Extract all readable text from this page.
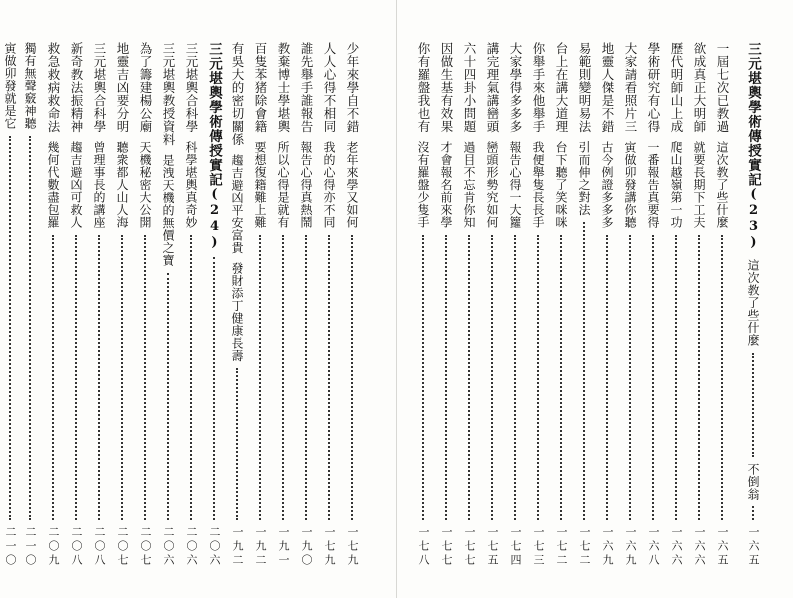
三元堪輿學術傳授實記
(23)
這次教了些什麼
不倒翁
一六五
一屆七次已教過
這次教了些什麼
一六五
欲成真正大明師
就要長期下工夫
一六六
歷代明師山上成
爬山越嶺第一功
一六六
學術研究有心得
一番報告真要得
一六八
大家請看照片三
寅做卯發講你聽
一六九
地靈人傑是不錯
古今例證多多多
一六九
易範則變明易法
引而伸之對法
一七二
台上在講大道理
台下聽了笑咪咪
一七二
你舉手來他舉手
我便舉隻長長手
一七三
大家學得多多多
報告心得一大籮
一七四
講完理氣講巒頭
巒頭形勢究如何
一七五
六十四卦小問題
過目不忘肯你知
一七七
因做生基有效果
才會報名前來學
一七七
你有羅盤我也有
沒有羅盤少隻手
一七八
少年來學自不錯
老年來學又如何
一七九
人人心得不相同
我的心得亦不同
一七九
誰先舉手誰報告
報告心得真熱鬧
一九〇
教棄博士學堪輿
所以心得是就有
一九一
百隻苯猪除會籍
要想復籍難上難
一九二
有吳大的密切關係
趨吉避凶平安富貴
發財添丁健康長壽
一九二
三元堪輿學術傳授實記
(24)
二〇六
三元堪輿合科學
科學堪輿真奇妙
二〇六
三元堪輿教授資料
是洩天機的無價之寶
二〇六
為了籌建楊公廟
天機秘密大公開
二〇七
地靈吉凶要分明
聽衆都人山人海
二〇七
三元堪輿合科學
曾理事長的講座
二〇八
新奇教法振精神
趨吉避凶可救人
二〇八
救急救病救命法
幾何代數盡包羅
二〇九
獨有無聲竅神聽
二一〇
寅做卯發就是它
二一〇
